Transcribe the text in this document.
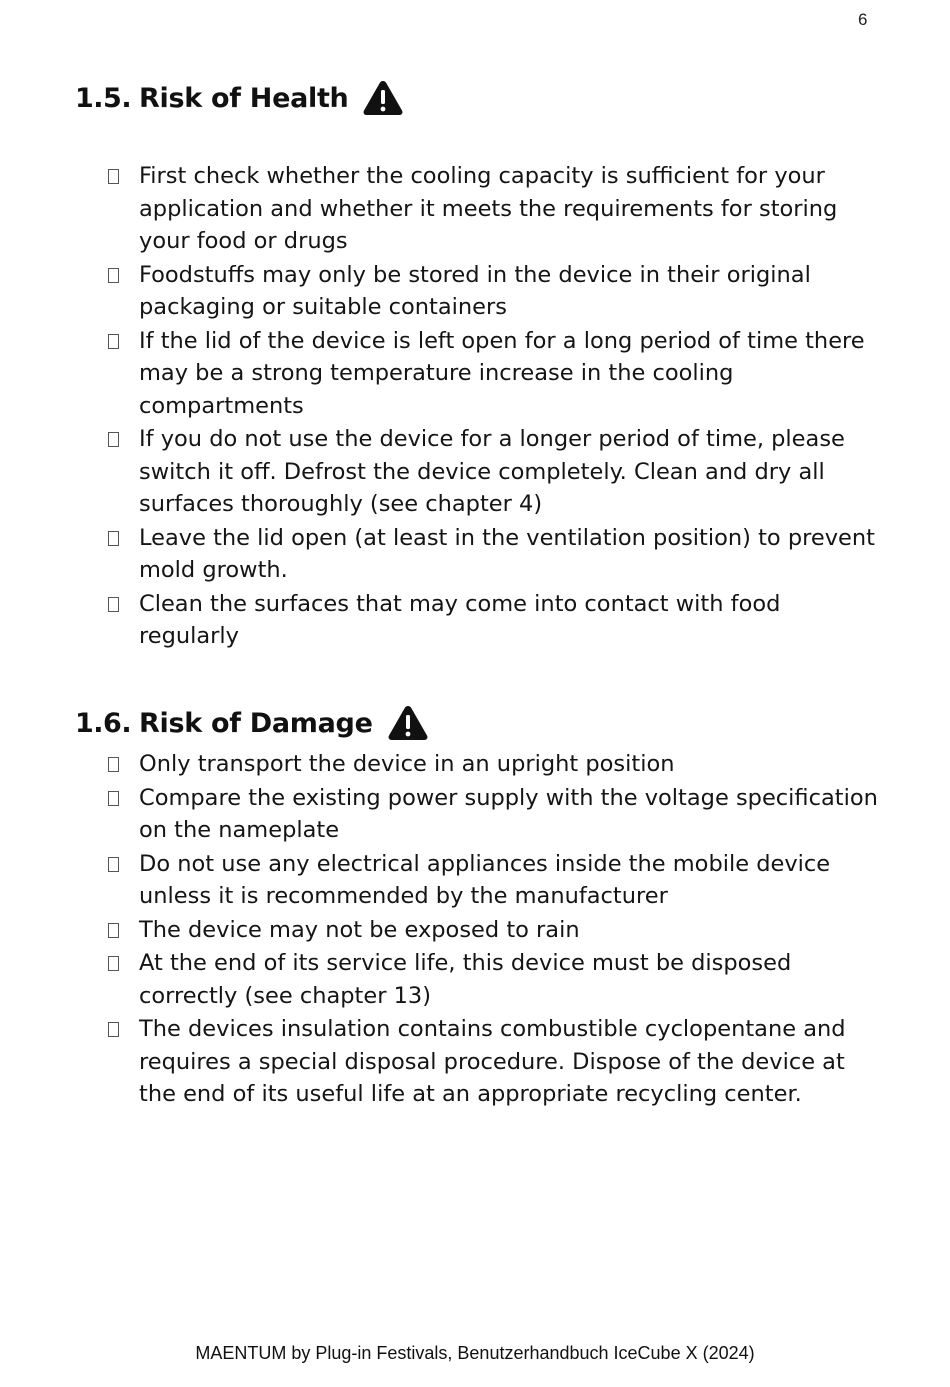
6
1.5. Risk of Health
First check whether the cooling capacity is sufficient for your application and whether it meets the requirements for storing your food or drugs
Foodstuffs may only be stored in the device in their original packaging or suitable containers
If the lid of the device is left open for a long period of time there may be a strong temperature increase in the cooling compartments
If you do not use the device for a longer period of time, please switch it off. Defrost the device completely. Clean and dry all surfaces thoroughly (see chapter 4)
Leave the lid open (at least in the ventilation position) to prevent mold growth.
Clean the surfaces that may come into contact with food regularly
1.6. Risk of Damage
Only transport the device in an upright position
Compare the existing power supply with the voltage specification on the nameplate
Do not use any electrical appliances inside the mobile device unless it is recommended by the manufacturer
The device may not be exposed to rain
At the end of its service life, this device must be disposed correctly (see chapter 13)
The devices insulation contains combustible cyclopentane and requires a special disposal procedure. Dispose of the device at the end of its useful life at an appropriate recycling center.
MAENTUM by Plug-in Festivals, Benutzerhandbuch IceCube X (2024)
